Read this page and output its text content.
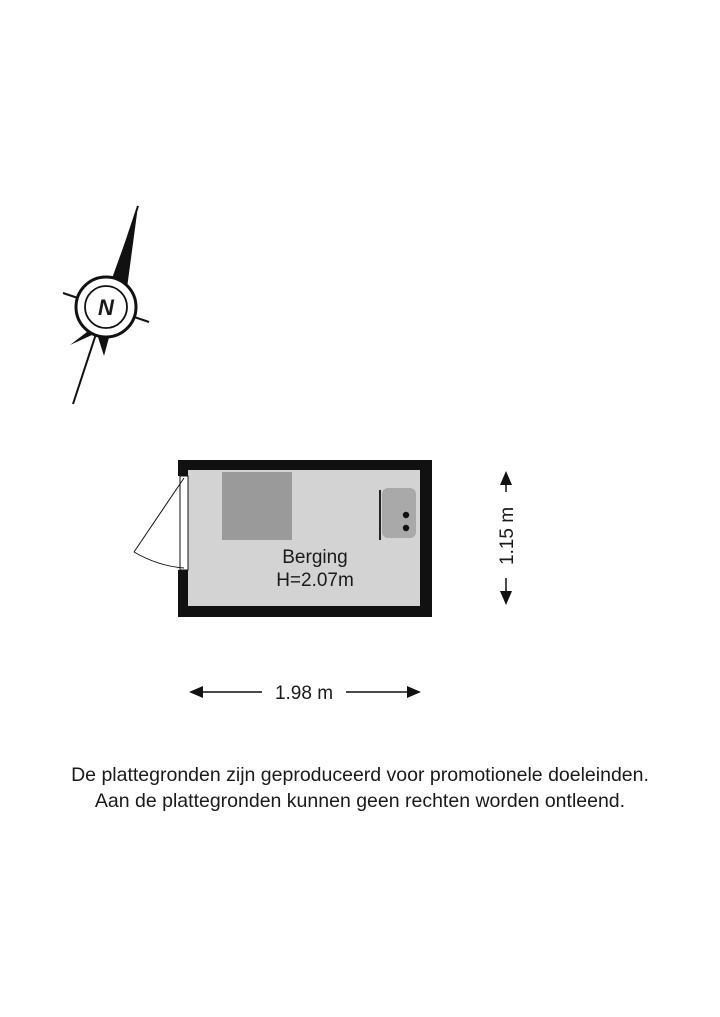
N
Berging
H=2.07m
1.98 m
1.15 m
De plattegronden zijn geproduceerd voor promotionele doeleinden.
Aan de plattegronden kunnen geen rechten worden ontleend.
